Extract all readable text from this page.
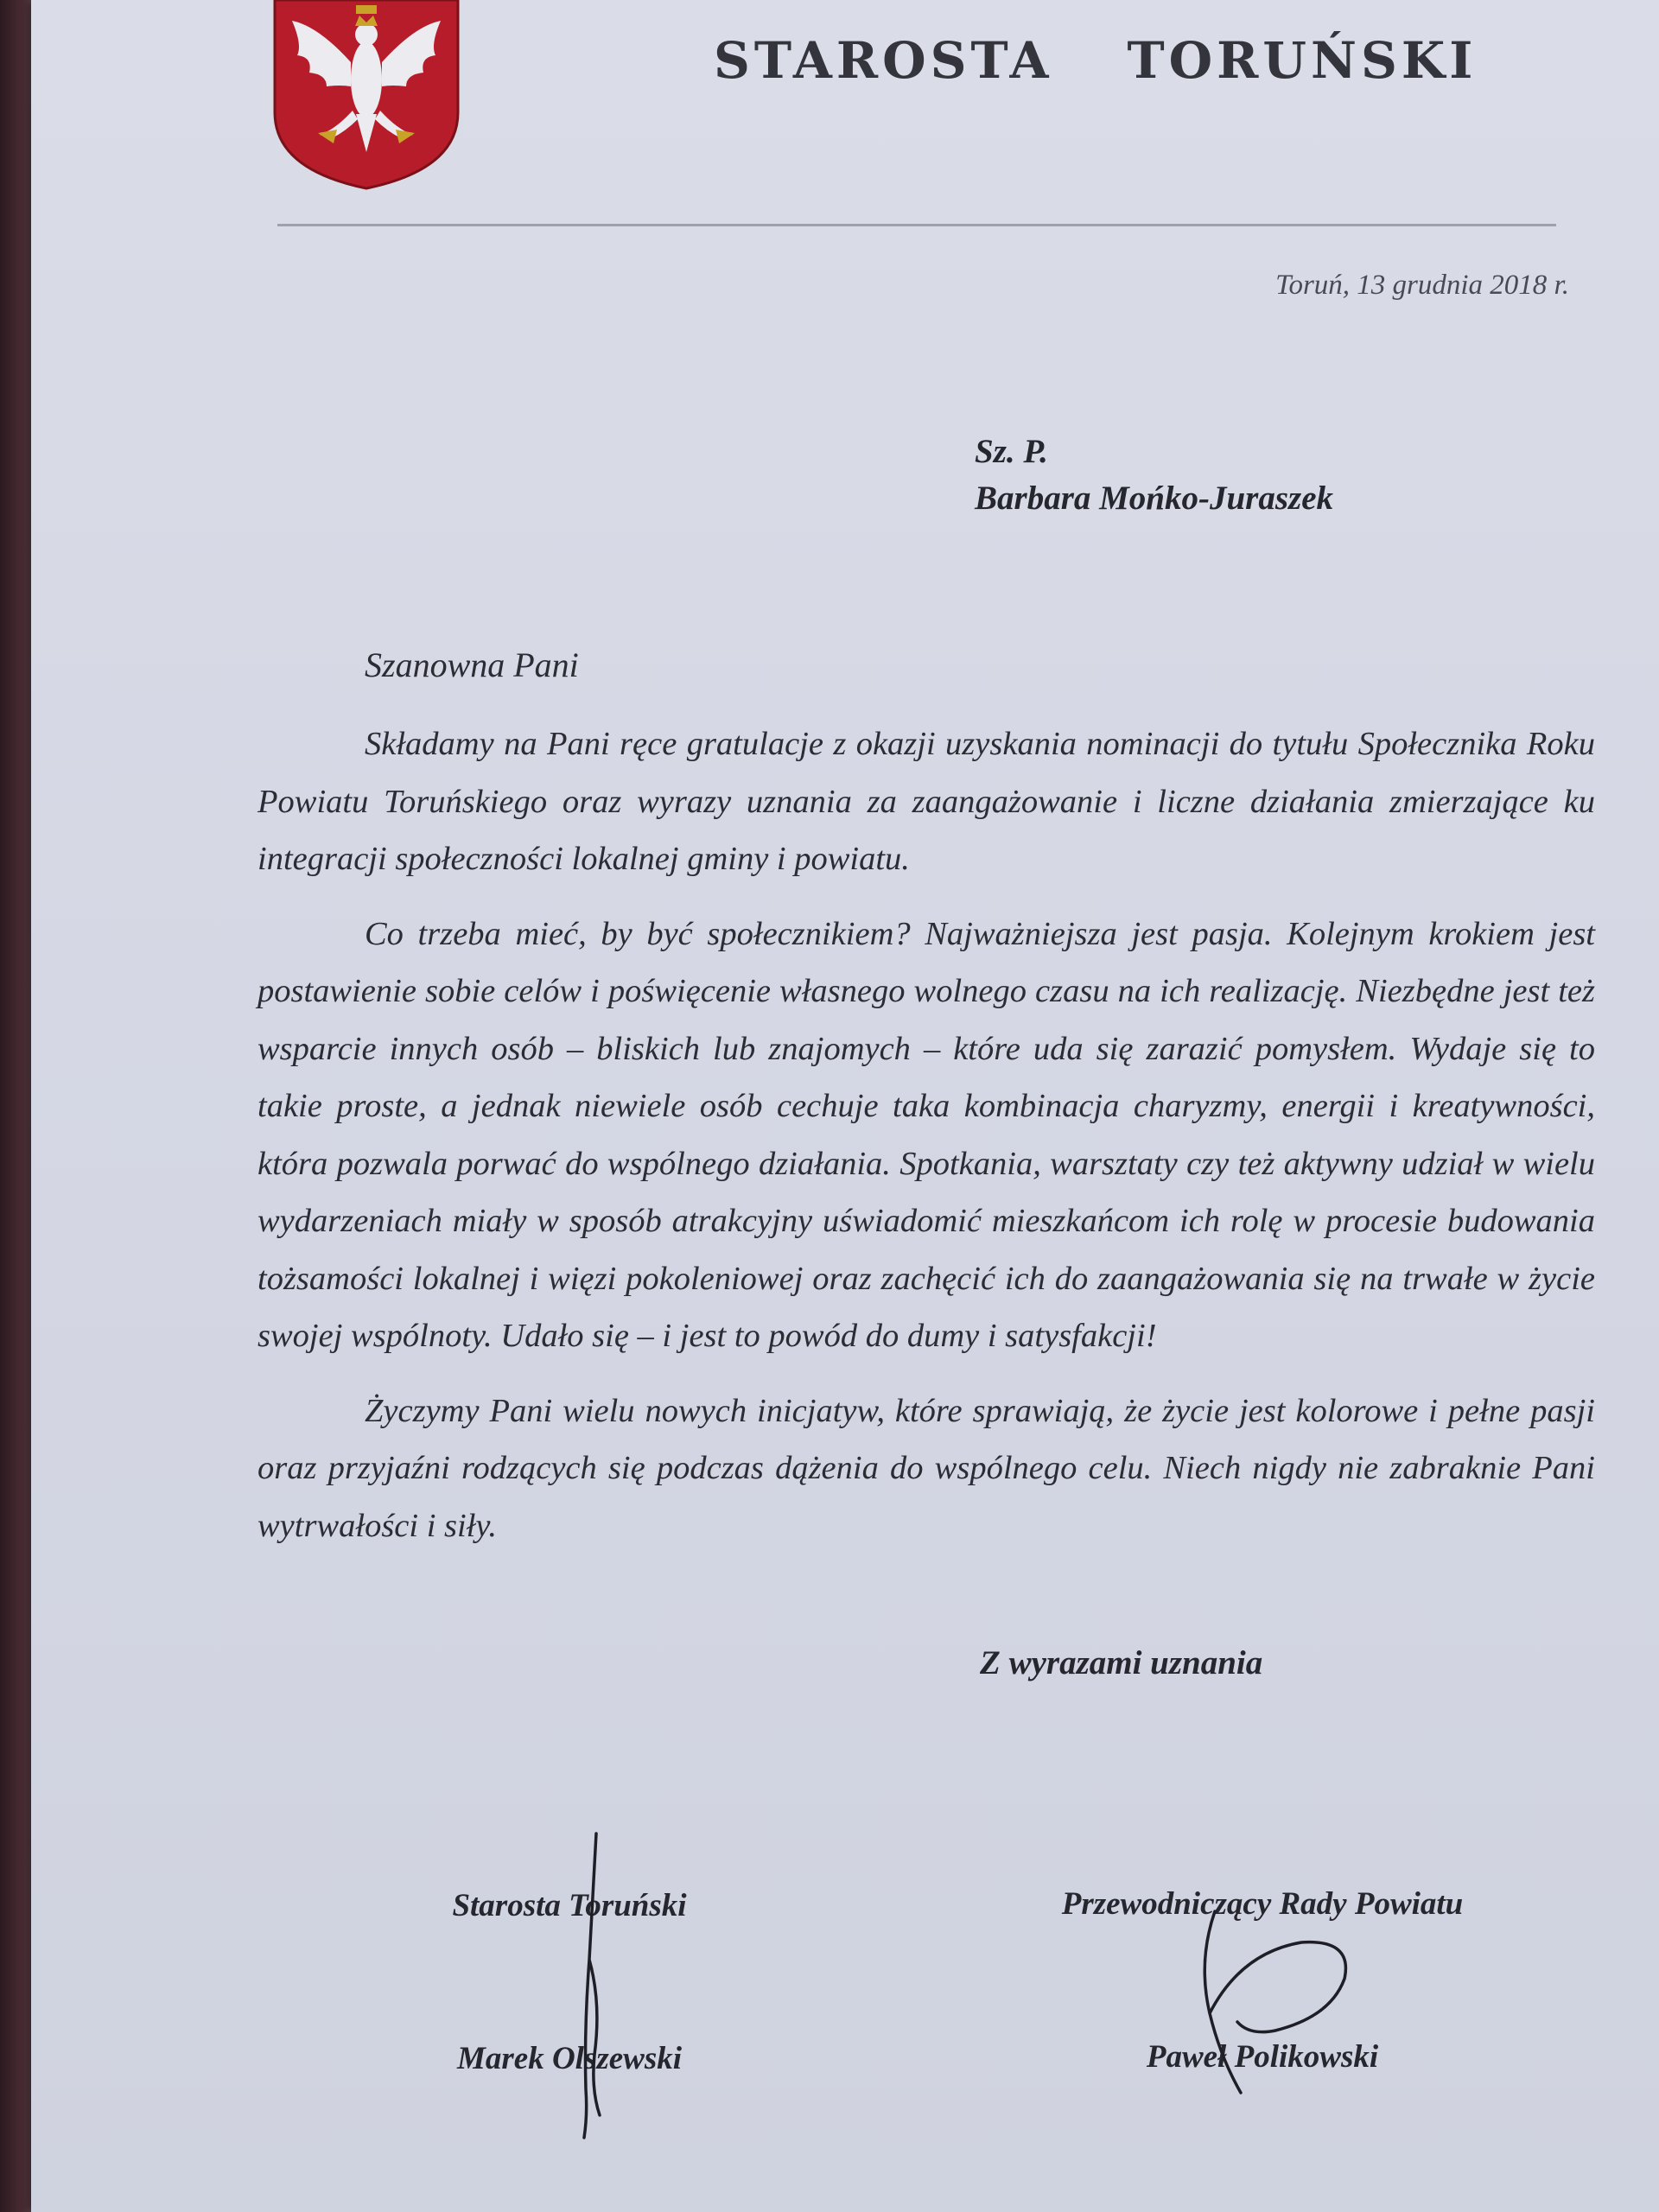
STAROSTA TORUŃSKI
Toruń, 13 grudnia 2018 r.
Sz. P.
Barbara Mońko-Juraszek
Szanowna Pani

Składamy na Pani ręce gratulacje z okazji uzyskania nominacji do tytułu Społecznika Roku Powiatu Toruńskiego oraz wyrazy uznania za zaangażowanie i liczne działania zmierzające ku integracji społeczności lokalnej gminy i powiatu.

Co trzeba mieć, by być społecznikiem? Najważniejsza jest pasja. Kolejnym krokiem jest postawienie sobie celów i poświęcenie własnego wolnego czasu na ich realizację. Niezbędne jest też wsparcie innych osób – bliskich lub znajomych – które uda się zarazić pomysłem. Wydaje się to takie proste, a jednak niewiele osób cechuje taka kombinacja charyzmy, energii i kreatywności, która pozwala porwać do wspólnego działania. Spotkania, warsztaty czy też aktywny udział w wielu wydarzeniach miały w sposób atrakcyjny uświadomić mieszkańcom ich rolę w procesie budowania tożsamości lokalnej i więzi pokoleniowej oraz zachęcić ich do zaangażowania się na trwałe w życie swojej wspólnoty. Udało się – i jest to powód do dumy i satysfakcji!

Życzymy Pani wielu nowych inicjatyw, które sprawiają, że życie jest kolorowe i pełne pasji oraz przyjaźni rodzących się podczas dążenia do wspólnego celu. Niech nigdy nie zabraknie Pani wytrwałości i siły.

Z wyrazami uznania
Starosta Toruński
Marek Olszewski
Przewodniczący Rady Powiatu
Paweł Polikowski
